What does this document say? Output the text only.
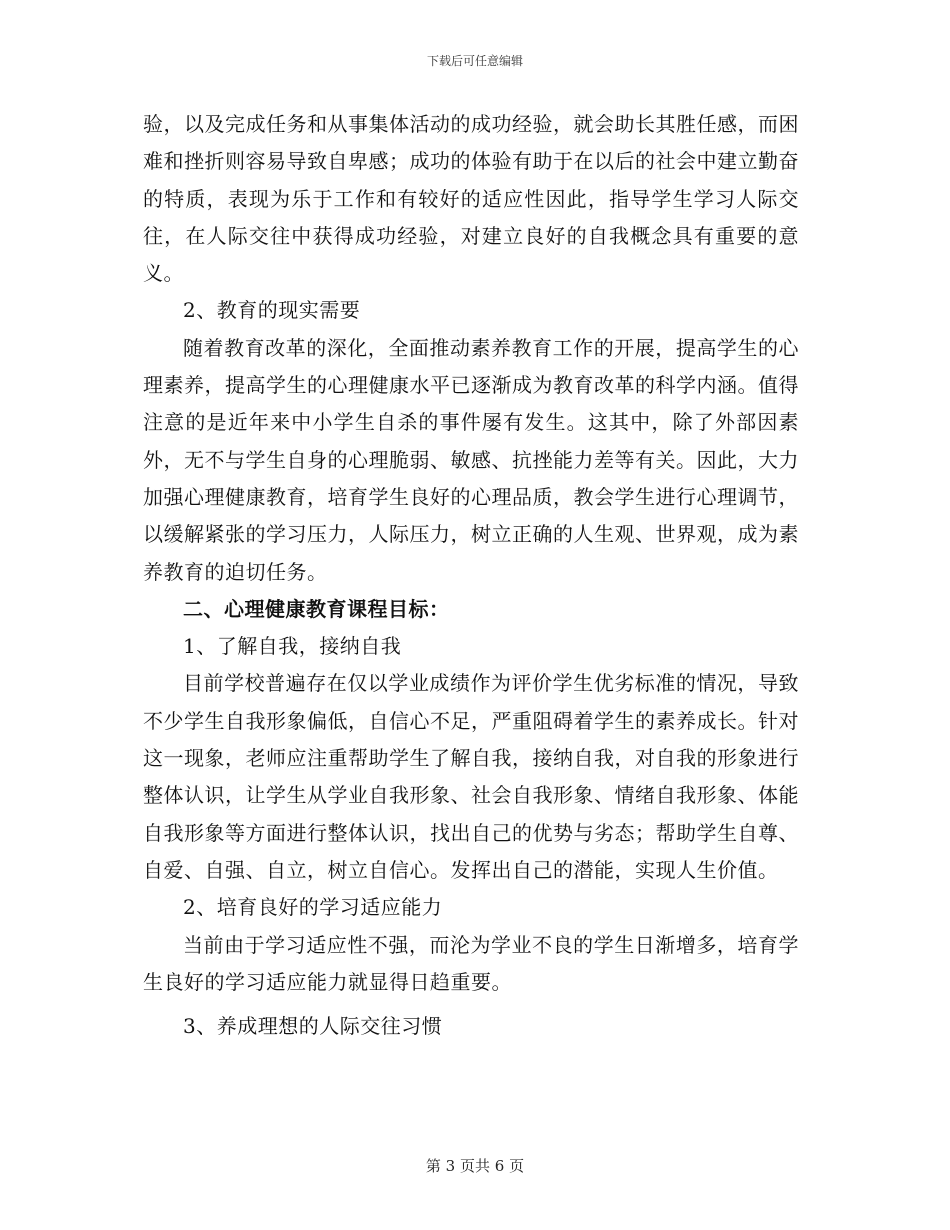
下载后可任意编辑

验，以及完成任务和从事集体活动的成功经验，就会助长其胜任感，而困难和挫折则容易导致自卑感；成功的体验有助于在以后的社会中建立勤奋的特质，表现为乐于工作和有较好的适应性因此，指导学生学习人际交往，在人际交往中获得成功经验，对建立良好的自我概念具有重要的意义。

2、教育的现实需要

随着教育改革的深化，全面推动素养教育工作的开展，提高学生的心理素养，提高学生的心理健康水平已逐渐成为教育改革的科学内涵。值得注意的是近年来中小学生自杀的事件屡有发生。这其中，除了外部因素外，无不与学生自身的心理脆弱、敏感、抗挫能力差等有关。因此，大力加强心理健康教育，培育学生良好的心理品质，教会学生进行心理调节，以缓解紧张的学习压力，人际压力，树立正确的人生观、世界观，成为素养教育的迫切任务。

二、心理健康教育课程目标：

1、了解自我，接纳自我

目前学校普遍存在仅以学业成绩作为评价学生优劣标准的情况，导致不少学生自我形象偏低，自信心不足，严重阻碍着学生的素养成长。针对这一现象，老师应注重帮助学生了解自我，接纳自我，对自我的形象进行整体认识，让学生从学业自我形象、社会自我形象、情绪自我形象、体能自我形象等方面进行整体认识，找出自己的优势与劣态；帮助学生自尊、自爱、自强、自立，树立自信心。发挥出自己的潜能，实现人生价值。

2、培育良好的学习适应能力

当前由于学习适应性不强，而沦为学业不良的学生日渐增多，培育学生良好的学习适应能力就显得日趋重要。

3、养成理想的人际交往习惯

第 3 页共 6 页
